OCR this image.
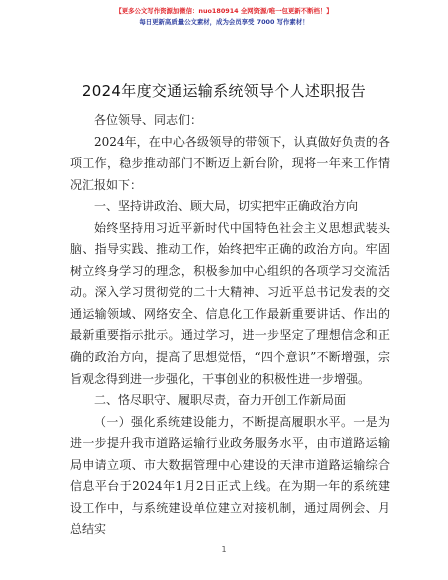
【更多公文写作资源加微信：nuo180914 全网资源/唯一包更新不断档！】
每日更新高质量公文素材，成为会员享受 7000 写作素材！
2024年度交通运输系统领导个人述职报告

各位领导、同志们：

2024年，在中心各级领导的带领下，认真做好负责的各项工作，稳步推动部门不断迈上新台阶，现将一年来工作情况汇报如下：

一、坚持讲政治、顾大局，切实把牢正确政治方向

始终坚持用习近平新时代中国特色社会主义思想武装头脑、指导实践、推动工作，始终把牢正确的政治方向。牢固树立终身学习的理念，积极参加中心组织的各项学习交流活动。深入学习贯彻党的二十大精神、习近平总书记发表的交通运输领域、网络安全、信息化工作最新重要讲话、作出的最新重要指示批示。通过学习，进一步坚定了理想信念和正确的政治方向，提高了思想觉悟，“四个意识”不断增强，宗旨观念得到进一步强化，干事创业的积极性进一步增强。

二、恪尽职守、履职尽责，奋力开创工作新局面

（一）强化系统建设能力，不断提高履职水平。一是为进一步提升我市道路运输行业政务服务水平，由市道路运输局申请立项、市大数据管理中心建设的天津市道路运输综合信息平台于2024年1月2日正式上线。在为期一年的系统建设工作中，与系统建设单位建立对接机制，通过周例会、月总结实

1
